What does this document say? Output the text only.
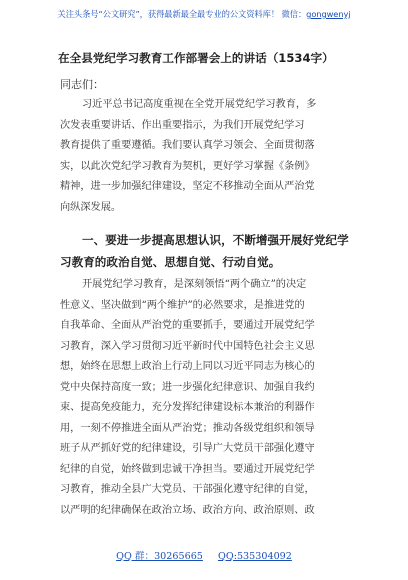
关注头条号“公文研究”，获得最新最全最专业的公文资料库！ 微信：gongwenyj
在全县党纪学习教育工作部署会上的讲话（1534字）
同志们：
习近平总书记高度重视在全党开展党纪学习教育，多
次发表重要讲话、作出重要指示，为我们开展党纪学习
教育提供了重要遵循。我们要认真学习领会、全面贯彻落
实，以此次党纪学习教育为契机，更好学习掌握《条例》
精神，进一步加强纪律建设，坚定不移推动全面从严治党
向纵深发展。
一、要进一步提高思想认识，不断增强开展好党纪学
习教育的政治自觉、思想自觉、行动自觉。
开展党纪学习教育，是深刻领悟“两个确立”的决定
性意义、坚决做到“两个维护”的必然要求，是推进党的
自我革命、全面从严治党的重要抓手，要通过开展党纪学
习教育，深入学习贯彻习近平新时代中国特色社会主义思
想，始终在思想上政治上行动上同以习近平同志为核心的
党中央保持高度一致；进一步强化纪律意识、加强自我约
束、提高免疫能力，充分发挥纪律建设标本兼治的利器作
用，一刻不停推进全面从严治党；推动各级党组织和领导
班子从严抓好党的纪律建设，引导广大党员干部强化遵守
纪律的自觉，始终做到忠诚干净担当。要通过开展党纪学
习教育，推动全县广大党员、干部强化遵守纪律的自觉，
以严明的纪律确保在政治立场、政治方向、政治原则、政
QQ 群：30265665 QQ:535304092
